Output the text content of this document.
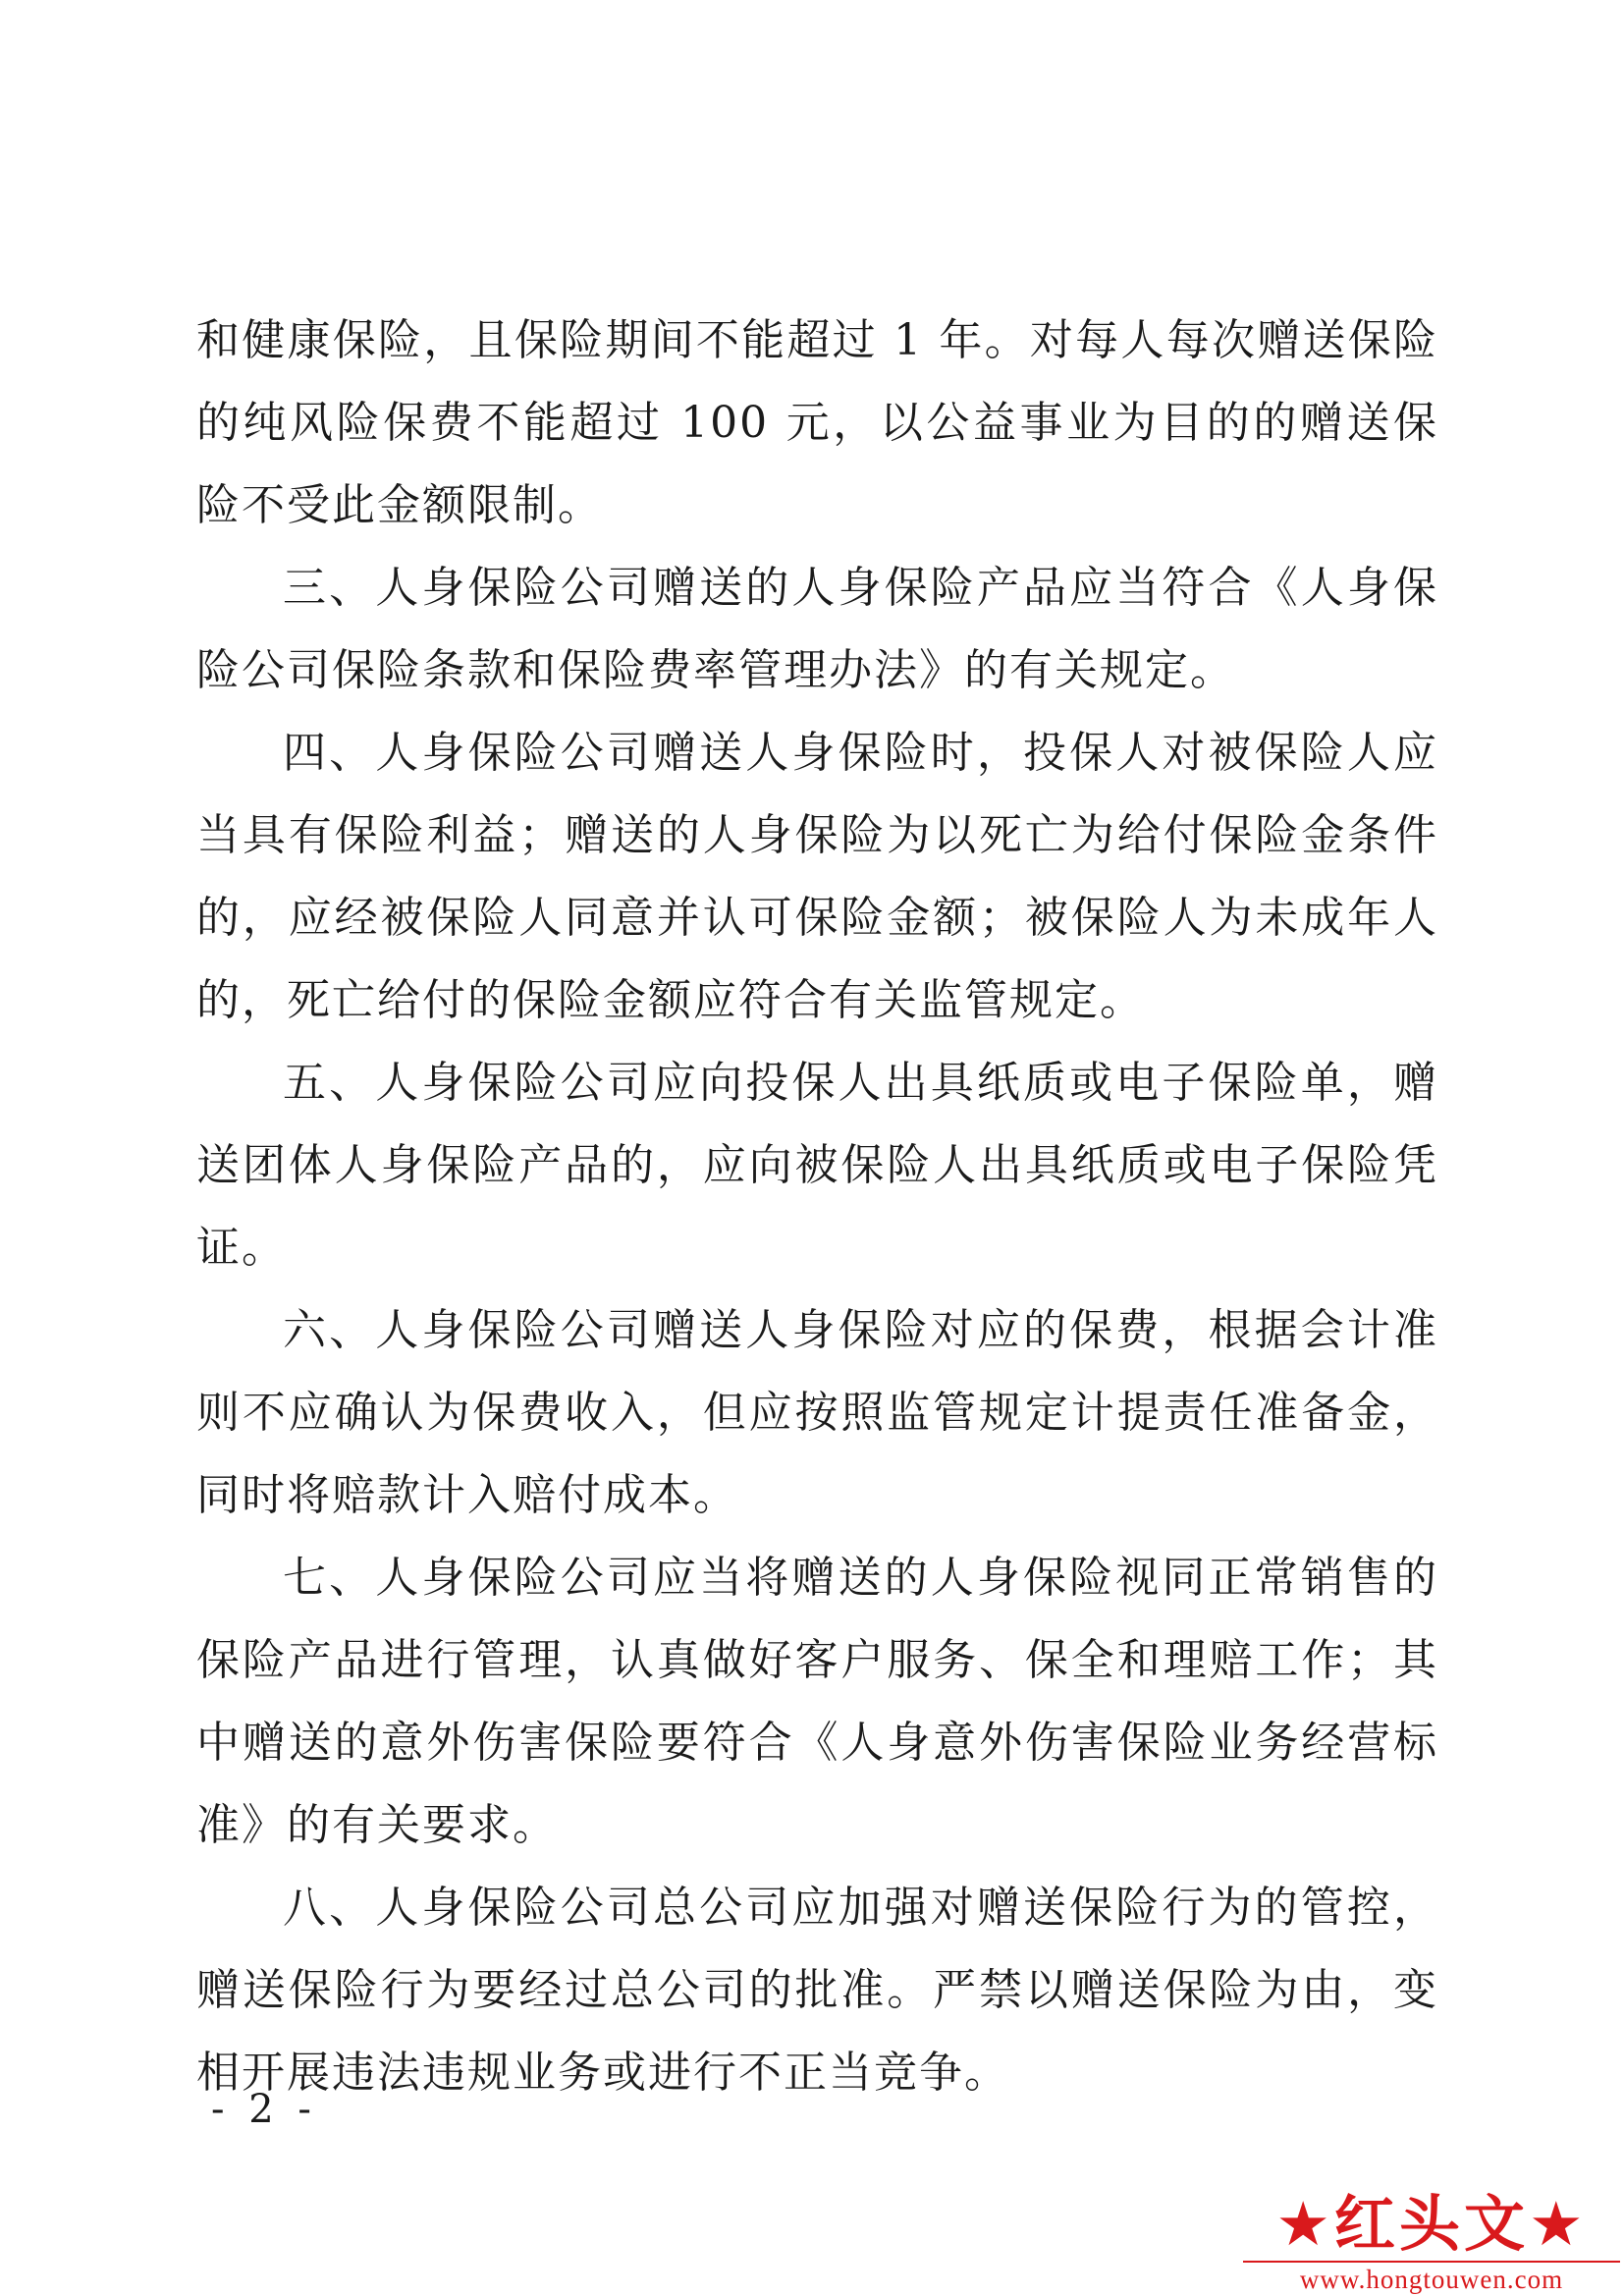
和健康保险，且保险期间不能超过 1 年。对每人每次赠送保险的纯风险保费不能超过 100 元，以公益事业为目的的赠送保险不受此金额限制。

三、人身保险公司赠送的人身保险产品应当符合《人身保险公司保险条款和保险费率管理办法》的有关规定。

四、人身保险公司赠送人身保险时，投保人对被保险人应当具有保险利益；赠送的人身保险为以死亡为给付保险金条件的，应经被保险人同意并认可保险金额；被保险人为未成年人的，死亡给付的保险金额应符合有关监管规定。

五、人身保险公司应向投保人出具纸质或电子保险单，赠送团体人身保险产品的，应向被保险人出具纸质或电子保险凭证。

六、人身保险公司赠送人身保险对应的保费，根据会计准则不应确认为保费收入，但应按照监管规定计提责任准备金，同时将赔款计入赔付成本。

七、人身保险公司应当将赠送的人身保险视同正常销售的保险产品进行管理，认真做好客户服务、保全和理赔工作；其中赠送的意外伤害保险要符合《人身意外伤害保险业务经营标准》的有关要求。

八、人身保险公司总公司应加强对赠送保险行为的管控，赠送保险行为要经过总公司的批准。严禁以赠送保险为由，变相开展违法违规业务或进行不正当竞争。

- 2 -
★红头文★
www.hongtouwen.com
